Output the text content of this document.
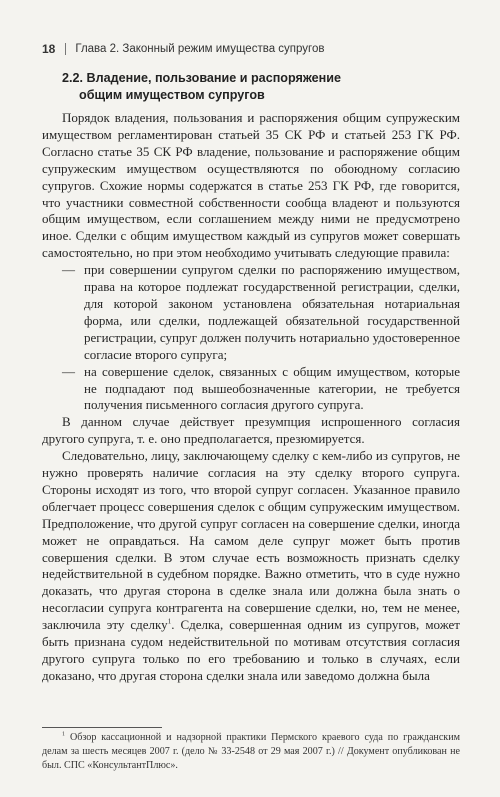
18 Глава 2. Законный режим имущества супругов
2.2. Владение, пользование и распоряжение
общим имуществом супругов

Порядок владения, пользования и распоряжения общим супружеским имуществом регламентирован статьей 35 СК РФ и статьей 253 ГК РФ. Согласно статье 35 СК РФ владение, пользование и распоряжение общим супружеским имуществом осуществляются по обоюдному согласию супругов. Схожие нормы содержатся в статье 253 ГК РФ, где говорится, что участники совместной собственности сообща владеют и пользуются общим имуществом, если соглашением между ними не предусмотрено иное. Сделки с общим имуществом каждый из супругов может совершать самостоятельно, но при этом необходимо учитывать следующие правила:

— при совершении супругом сделки по распоряжению имуществом, права на которое подлежат государственной регистрации, сделки, для которой законом установлена обязательная нотариальная форма, или сделки, подлежащей обязательной государственной регистрации, супруг должен получить нотариально удостоверенное согласие второго супруга;
— на совершение сделок, связанных с общим имуществом, которые не подпадают под вышеобозначенные категории, не требуется получения письменного согласия другого супруга.

В данном случае действует презумпция испрошенного согласия другого супруга, т. е. оно предполагается, презюмируется.

Следовательно, лицу, заключающему сделку с кем-либо из супругов, не нужно проверять наличие согласия на эту сделку второго супруга. Стороны исходят из того, что второй супруг согласен. Указанное правило облегчает процесс совершения сделок с общим супружеским имуществом. Предположение, что другой супруг согласен на совершение сделки, иногда может не оправдаться. На самом деле супруг может быть против совершения сделки. В этом случае есть возможность признать сделку недействительной в судебном порядке. Важно отметить, что в суде нужно доказать, что другая сторона в сделке знала или должна была знать о несогласии супруга контрагента на совершение сделки, но, тем не менее, заключила эту сделку$^1$. Сделка, совершенная одним из супругов, может быть признана судом недействительной по мотивам отсутствия согласия другого супруга только по его требованию и только в случаях, если доказано, что другая сторона сделки знала или заведомо должна была

$^1$ Обзор кассационной и надзорной практики Пермского краевого суда по гражданским делам за шесть месяцев 2007 г. (дело № 33-2548 от 29 мая 2007 г.) // Документ опубликован не был. СПС «КонсультантПлюс».
